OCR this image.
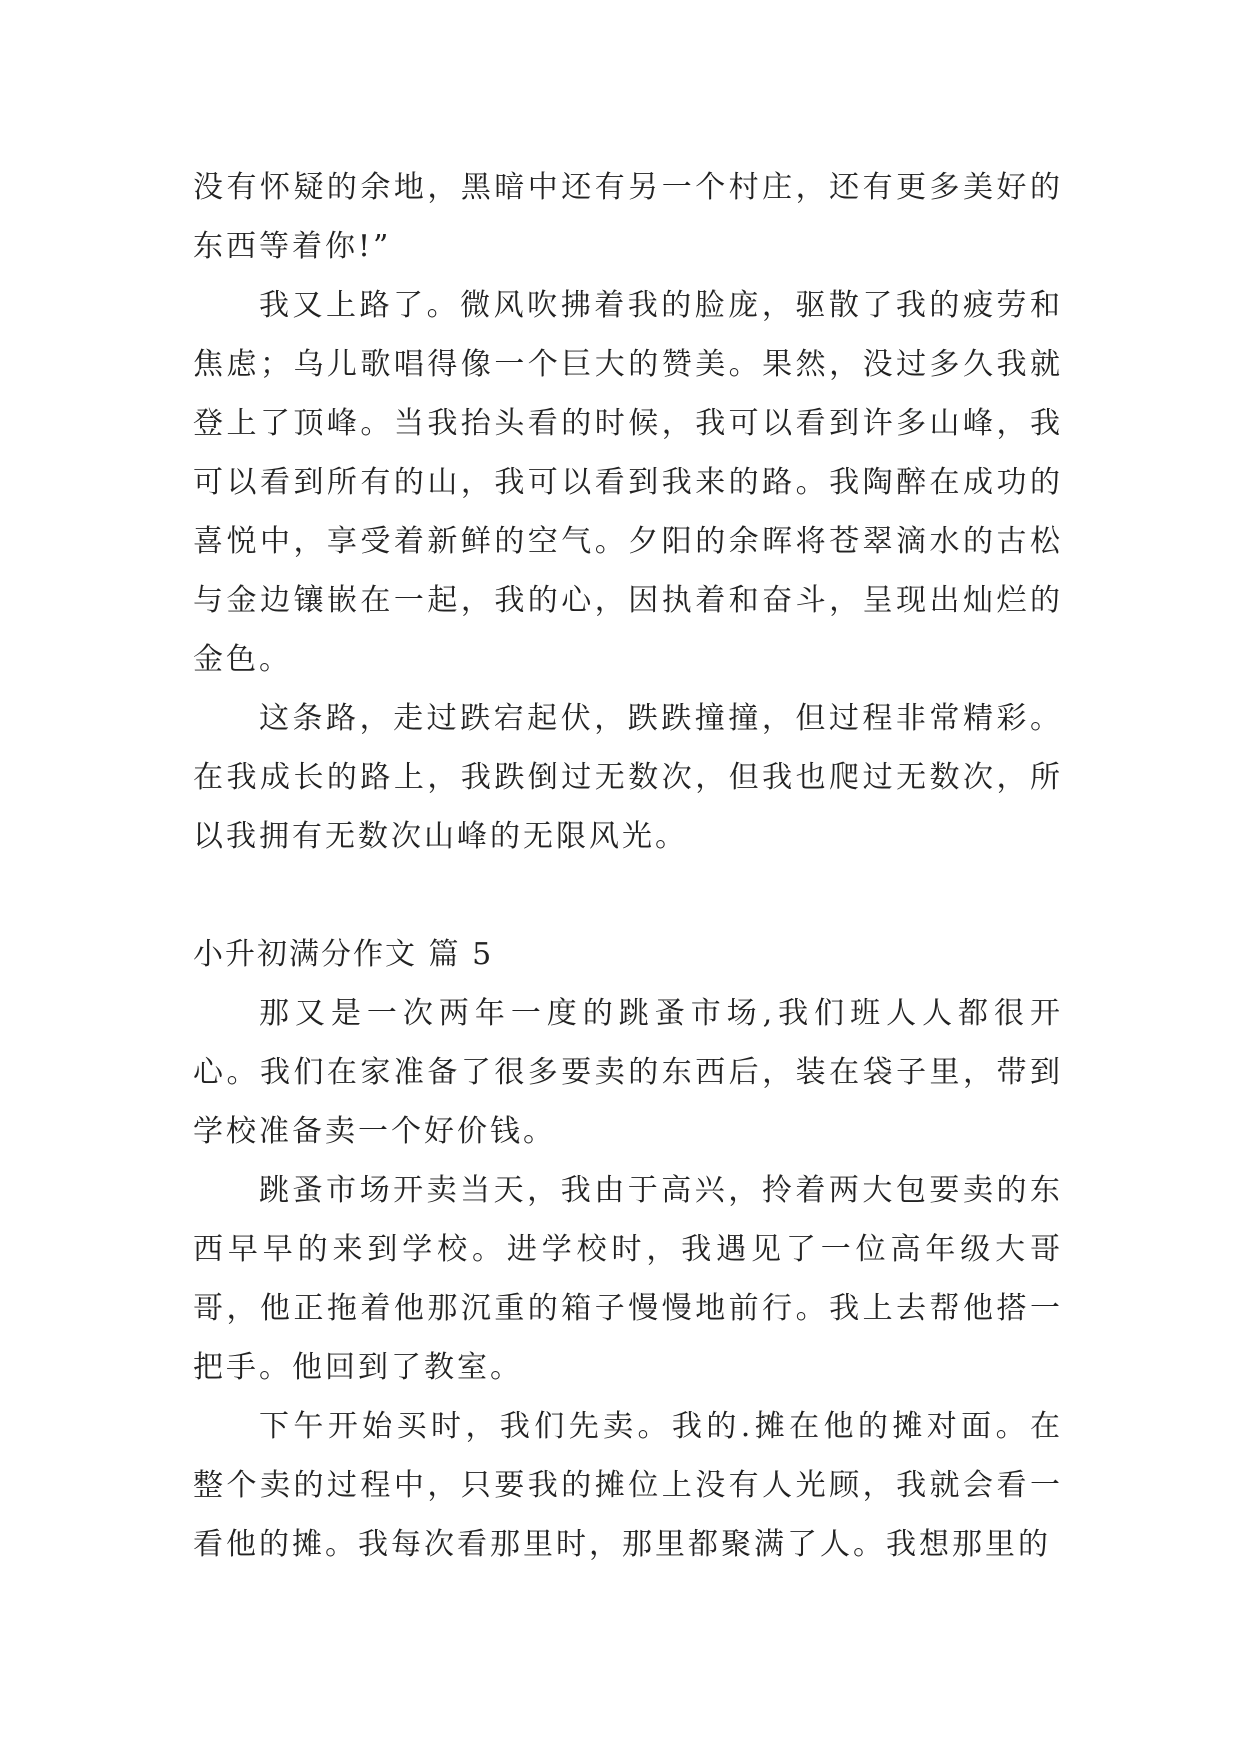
没有怀疑的余地，黑暗中还有另一个村庄，还有更多美好的东西等着你!”

我又上路了。微风吹拂着我的脸庞，驱散了我的疲劳和焦虑；乌儿歌唱得像一个巨大的赞美。果然，没过多久我就登上了顶峰。当我抬头看的时候，我可以看到许多山峰，我可以看到所有的山，我可以看到我来的路。我陶醉在成功的喜悦中，享受着新鲜的空气。夕阳的余晖将苍翠滴水的古松与金边镶嵌在一起，我的心，因执着和奋斗，呈现出灿烂的金色。

这条路，走过跌宕起伏，跌跌撞撞，但过程非常精彩。在我成长的路上，我跌倒过无数次，但我也爬过无数次，所以我拥有无数次山峰的无限风光。

小升初满分作文 篇 5

那又是一次两年一度的跳蚤市场,我们班人人都很开心。我们在家准备了很多要卖的东西后，装在袋子里，带到学校准备卖一个好价钱。

跳蚤市场开卖当天，我由于高兴，拎着两大包要卖的东西早早的来到学校。进学校时，我遇见了一位高年级大哥哥，他正拖着他那沉重的箱子慢慢地前行。我上去帮他搭一把手。他回到了教室。

下午开始买时，我们先卖。我的.摊在他的摊对面。在整个卖的过程中，只要我的摊位上没有人光顾，我就会看一看他的摊。我每次看那里时，那里都聚满了人。我想那里的
